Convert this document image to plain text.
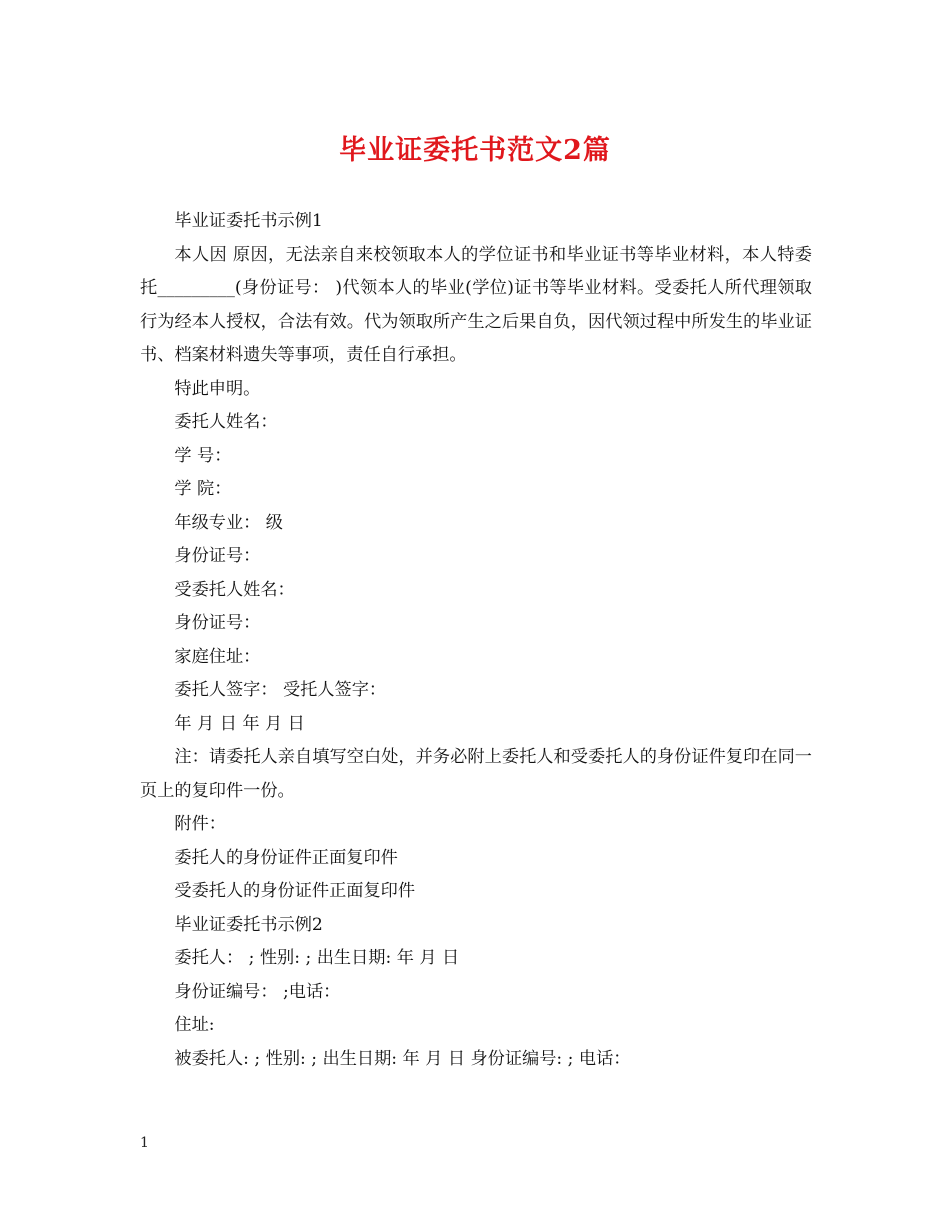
毕业证委托书范文2篇

毕业证委托书示例1

本人因 原因，无法亲自来校领取本人的学位证书和毕业证书等毕业材料，本人特委托_________(身份证号： )代领本人的毕业(学位)证书等毕业材料。受委托人所代理领取行为经本人授权，合法有效。代为领取所产生之后果自负，因代领过程中所发生的毕业证书、档案材料遗失等事项，责任自行承担。

特此申明。

委托人姓名：

学 号：

学 院：

年级专业： 级

身份证号：

受委托人姓名：

身份证号：

家庭住址：

委托人签字： 受托人签字：

年 月 日 年 月 日

注：请委托人亲自填写空白处，并务必附上委托人和受委托人的身份证件复印在同一页上的复印件一份。

附件：

委托人的身份证件正面复印件

受委托人的身份证件正面复印件

毕业证委托书示例2

委托人： ; 性别: ; 出生日期: 年 月 日

身份证编号： ;电话：

住址:

被委托人: ; 性别: ; 出生日期: 年 月 日 身份证编号: ; 电话：

1
